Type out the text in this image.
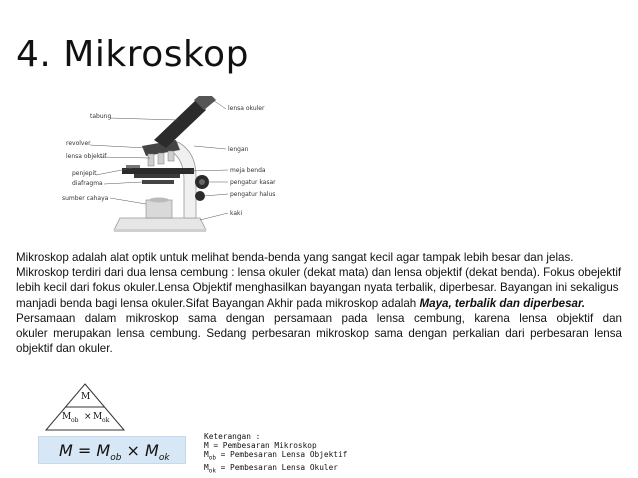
4. Mikroskop
tabung
revolver
lensa objektif
penjepit
diafragma
sumber cahaya
lensa okuler
lengan
meja benda
pengatur kasar
pengatur halus
kaki
Mikroskop adalah alat optik untuk melihat benda-benda yang sangat kecil agar tampak lebih besar dan jelas.
Mikroskop terdiri dari dua lensa cembung : lensa okuler (dekat mata) dan lensa objektif (dekat benda). Fokus obejektif
lebih kecil dari fokus okuler.Lensa Objektif menghasilkan bayangan nyata terbalik, diperbesar. Bayangan ini sekaligus
manjadi benda bagi lensa okuler.Sifat Bayangan Akhir pada mikroskop adalah Maya, terbalik dan diperbesar.
Persamaan dalam mikroskop sama dengan persamaan pada lensa cembung, karena lensa objektif dan
okuler merupakan lensa cembung. Sedang perbesaran mikroskop sama dengan perkalian dari perbesaran lensa
objektif dan okuler.
M
M ob × M ok
$M = M_{ob} \times M_{ok}$
Keterangan :
M = Pembesaran Mikroskop
$M_{ob}$ = Pembesaran Lensa Objektif
$M_{ok}$ = Pembesaran Lensa Okuler
